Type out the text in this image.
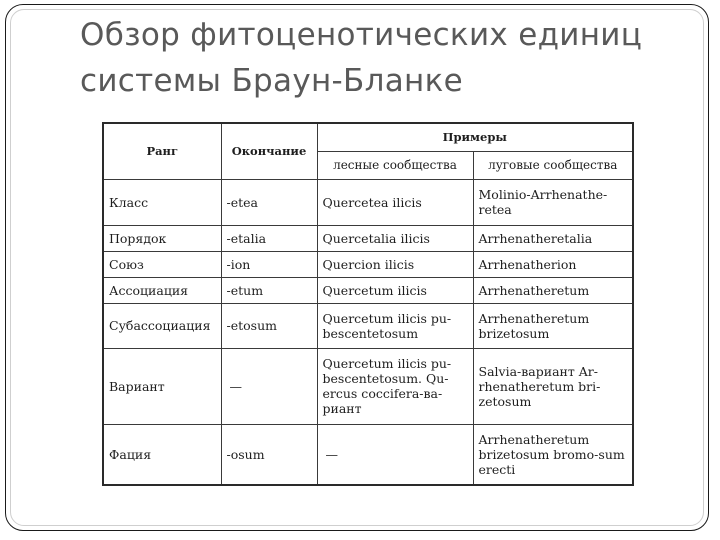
Обзор фитоценотических единиц
системы Браун-Бланке
Ранг	Окончание	Примеры	
		лесные сообщества	луговые сообщества
Класс	-etea	Quercetea ilicis	Molinio-Arrhenathe-retea
Порядок	-etalia	Quercetalia ilicis	Arrhenatheretalia
Союз	-ion	Quercion ilicis	Arrhenatherion
Ассоциация	-etum	Quercetum ilicis	Arrhenatheretum
Субассоциация	-etosum	Quercetum ilicis pu-bescentetosum	Arrhenatheretum brizetosum
Вариант	—	Quercetum ilicis pu-bescentetosum. Qu-ercus coccifera-ва-риант	Salvia-вариант Ar-rhenatheretum bri-zetosum
Фация	-osum	—	Arrhenatheretum brizetosum bromo-sum erecti
